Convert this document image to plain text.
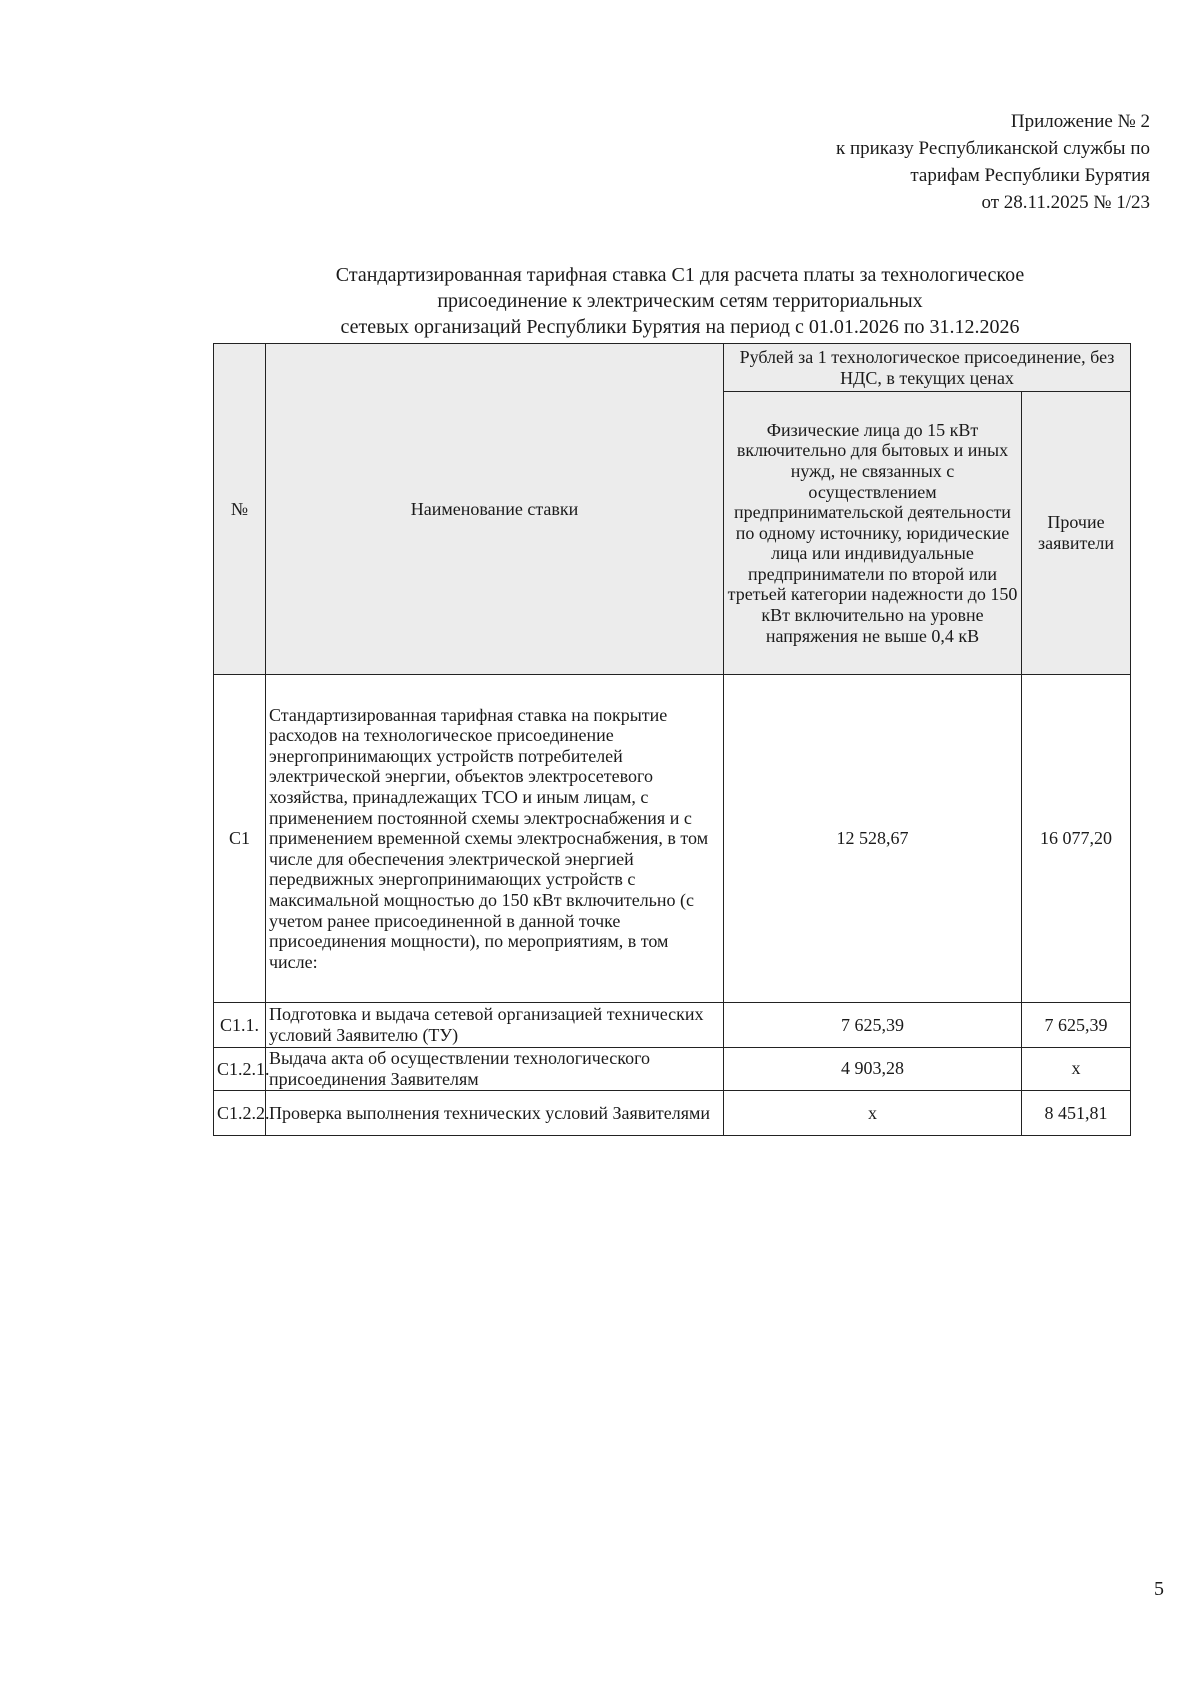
Приложение № 2
к приказу Республиканской службы по
тарифам Республики Бурятия
от 28.11.2025 № 1/23
Стандартизированная тарифная ставка С1 для расчета платы за технологическое
присоединение к электрическим сетям территориальных
сетевых организаций Республики Бурятия на период с 01.01.2026 по 31.12.2026
№	Наименование ставки	Рублей за 1 технологическое присоединение, без НДС, в текущих ценах	
		Физические лица до 15 кВт включительно для бытовых и иных нужд, не связанных с осуществлением предпринимательской деятельности по одному источнику, юридические лица или индивидуальные предприниматели по второй или третьей категории надежности до 150 кВт включительно на уровне напряжения не выше 0,4 кВ	Прочие заявители
С1	Стандартизированная тарифная ставка на покрытие расходов на технологическое присоединение энергопринимающих устройств потребителей электрической энергии, объектов электросетевого хозяйства, принадлежащих ТСО и иным лицам, с применением постоянной схемы электроснабжения и с применением временной схемы электроснабжения, в том числе для обеспечения электрической энергией передвижных энергопринимающих устройств с максимальной мощностью до 150 кВт включительно (с учетом ранее присоединенной в данной точке присоединения мощности), по мероприятиям, в том числе:	12 528,67	16 077,20
С1.1.	Подготовка и выдача сетевой организацией технических условий Заявителю (ТУ)	7 625,39	7 625,39
С1.2.1.	Выдача акта об осуществлении технологического присоединения Заявителям	4 903,28	х
С1.2.2.	Проверка выполнения технических условий Заявителями	х	8 451,81
5
